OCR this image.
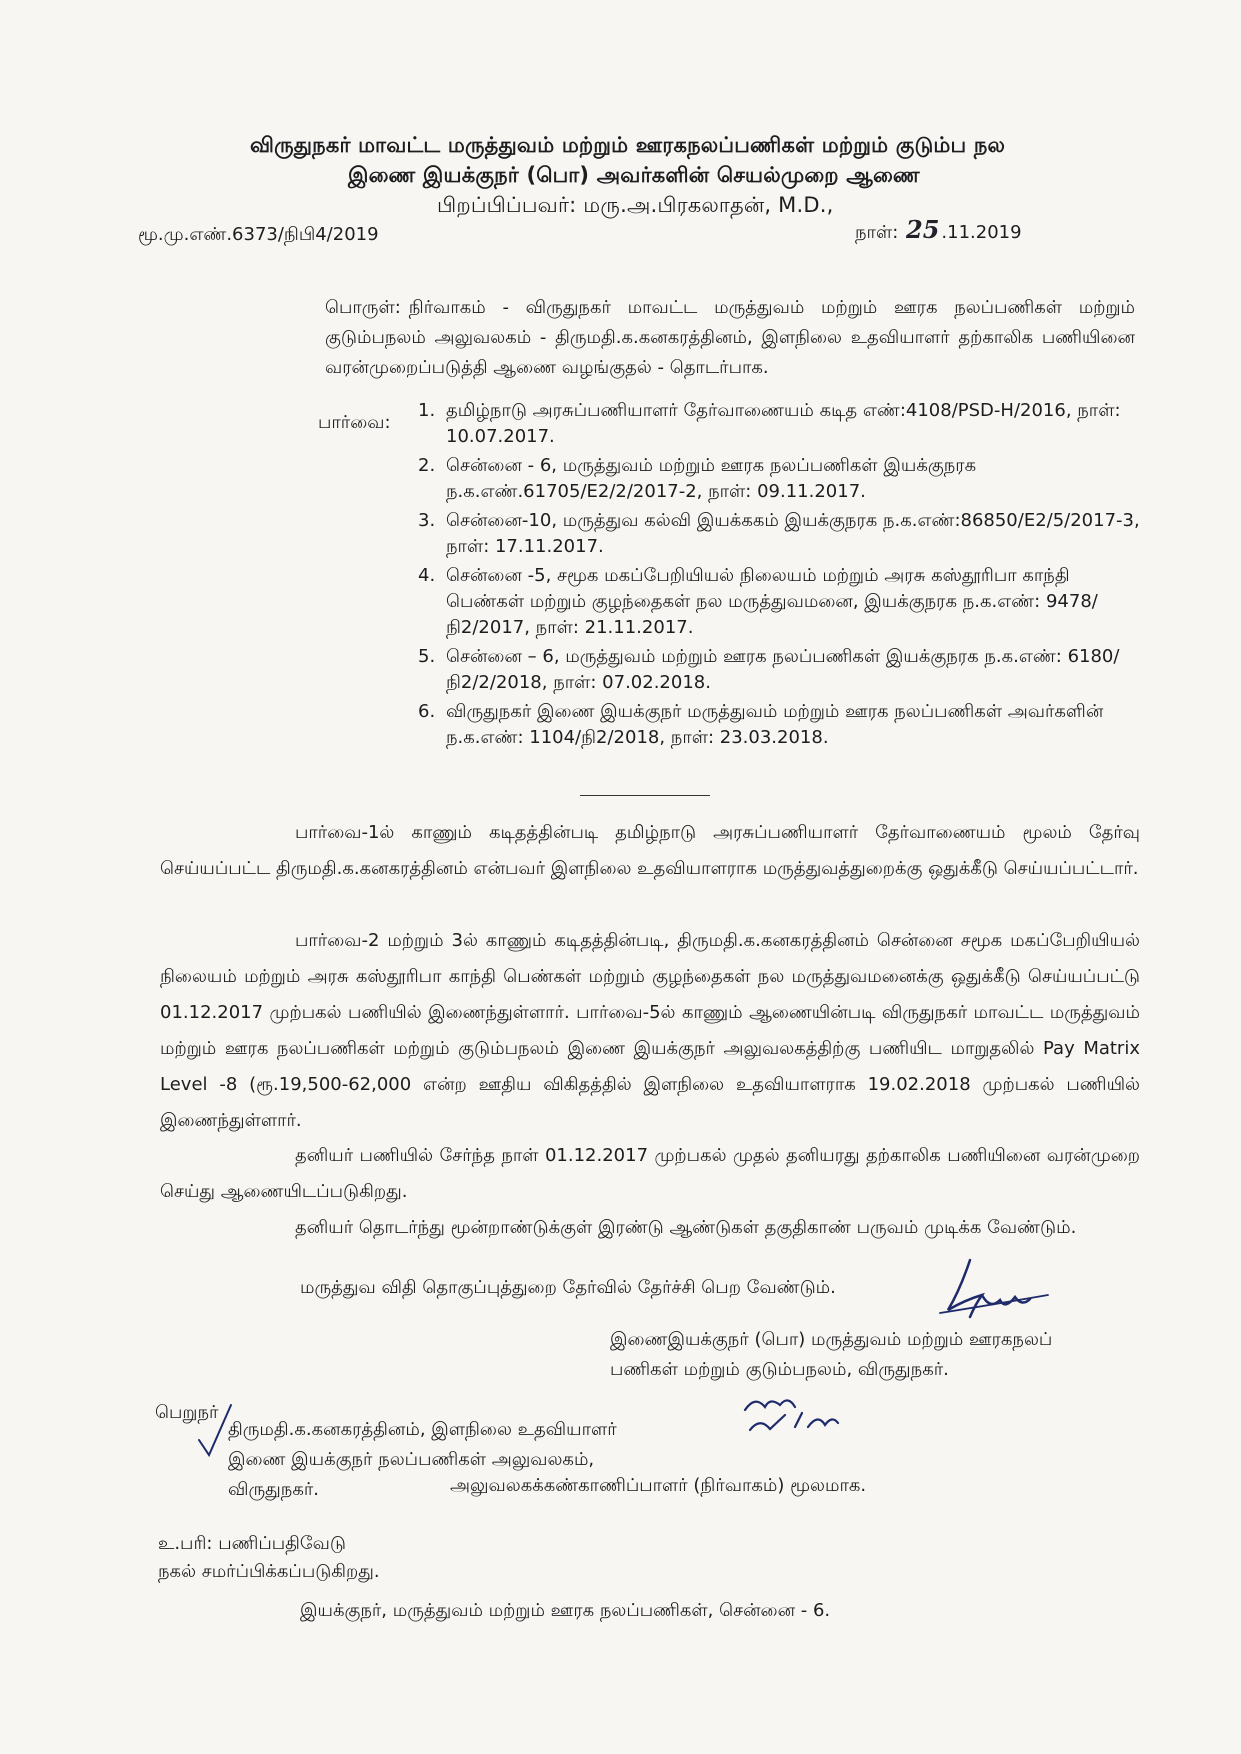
விருதுநகர் மாவட்ட மருத்துவம் மற்றும் ஊரகநலப்பணிகள் மற்றும் குடும்ப நல
இணை இயக்குநர் (பொ) அவர்களின் செயல்முறை ஆணை
பிறப்பிப்பவர்: மரு.அ.பிரகலாதன், M.D.,
மூ.மு.எண்.6373/நிபி4/2019	நாள்: 25 .11.2019
பொருள்: நிர்வாகம் - விருதுநகர் மாவட்ட மருத்துவம் மற்றும் ஊரக நலப்பணிகள் மற்றும் குடும்பநலம் அலுவலகம் - திருமதி.க.கனகரத்தினம், இளநிலை உதவியாளர் தற்காலிக பணியினை வரன்முறைப்படுத்தி ஆணை வழங்குதல் - தொடர்பாக.
பார்வை:
1. தமிழ்நாடு அரசுப்பணியாளர் தேர்வாணையம் கடித எண்:4108/PSD-H/2016, நாள்: 10.07.2017.
2. சென்னை - 6, மருத்துவம் மற்றும் ஊரக நலப்பணிகள் இயக்குநரக ந.க.எண்.61705/E2/2/2017-2, நாள்: 09.11.2017.
3. சென்னை-10, மருத்துவ கல்வி இயக்ககம் இயக்குநரக ந.க.எண்:86850/E2/5/2017-3, நாள்: 17.11.2017.
4. சென்னை -5, சமூக மகப்பேறியியல் நிலையம் மற்றும் அரசு கஸ்தூரிபா காந்தி பெண்கள் மற்றும் குழந்தைகள் நல மருத்துவமனை, இயக்குநரக ந.க.எண்: 9478/நி2/2017, நாள்: 21.11.2017.
5. சென்னை – 6, மருத்துவம் மற்றும் ஊரக நலப்பணிகள் இயக்குநரக ந.க.எண்: 6180/நி2/2/2018, நாள்: 07.02.2018.
6. விருதுநகர் இணை இயக்குநர் மருத்துவம் மற்றும் ஊரக நலப்பணிகள் அவர்களின் ந.க.எண்: 1104/நி2/2018, நாள்: 23.03.2018.

பார்வை-1ல் காணும் கடிதத்தின்படி தமிழ்நாடு அரசுப்பணியாளர் தேர்வாணையம் மூலம் தேர்வு செய்யப்பட்ட திருமதி.க.கனகரத்தினம் என்பவர் இளநிலை உதவியாளராக மருத்துவத்துறைக்கு ஒதுக்கீடு செய்யப்பட்டார்.

பார்வை-2 மற்றும் 3ல் காணும் கடிதத்தின்படி, திருமதி.க.கனகரத்தினம் சென்னை சமூக மகப்பேறியியல் நிலையம் மற்றும் அரசு கஸ்தூரிபா காந்தி பெண்கள் மற்றும் குழந்தைகள் நல மருத்துவமனைக்கு ஒதுக்கீடு செய்யப்பட்டு 01.12.2017 முற்பகல் பணியில் இணைந்துள்ளார். பார்வை-5ல் காணும் ஆணையின்படி விருதுநகர் மாவட்ட மருத்துவம் மற்றும் ஊரக நலப்பணிகள் மற்றும் குடும்பநலம் இணை இயக்குநர் அலுவலகத்திற்கு பணியிட மாறுதலில் Pay Matrix Level -8 (ரூ.19,500-62,000 என்ற ஊதிய விகிதத்தில் இளநிலை உதவியாளராக 19.02.2018 முற்பகல் பணியில் இணைந்துள்ளார்.

தனியர் பணியில் சேர்ந்த நாள் 01.12.2017 முற்பகல் முதல் தனியரது தற்காலிக பணியினை வரன்முறை செய்து ஆணையிடப்படுகிறது.

தனியர் தொடர்ந்து மூன்றாண்டுக்குள் இரண்டு ஆண்டுகள் தகுதிகாண் பருவம் முடிக்க வேண்டும்.

மருத்துவ விதி தொகுப்புத்துறை தேர்வில் தேர்ச்சி பெற வேண்டும்.

இணைஇயக்குநர் (பொ) மருத்துவம் மற்றும் ஊரகநலப்
பணிகள் மற்றும் குடும்பநலம், விருதுநகர்.
பெறுநர்
திருமதி.க.கனகரத்தினம், இளநிலை உதவியாளர்
இணை இயக்குநர் நலப்பணிகள் அலுவலகம்,
விருதுநகர்.	அலுவலகக்கண்காணிப்பாளர் (நிர்வாகம்) மூலமாக.
உ.பரி: பணிப்பதிவேடு
நகல் சமர்ப்பிக்கப்படுகிறது.
இயக்குநர், மருத்துவம் மற்றும் ஊரக நலப்பணிகள், சென்னை - 6.
